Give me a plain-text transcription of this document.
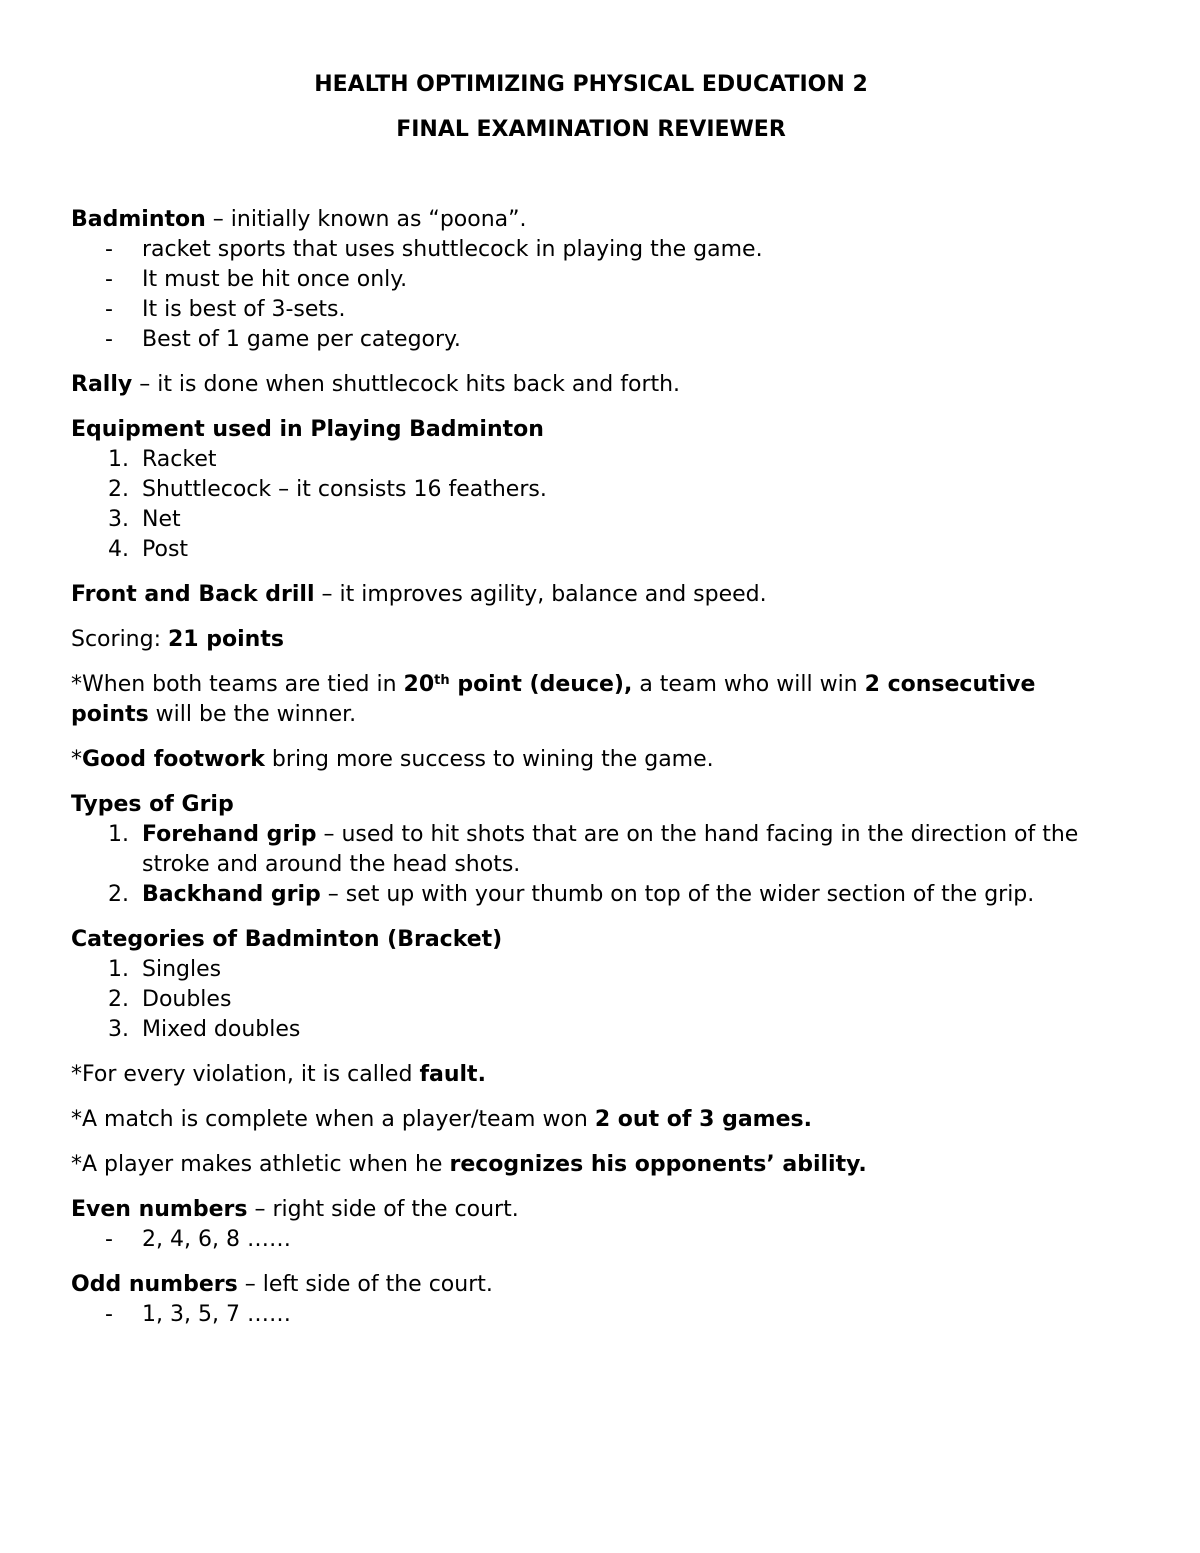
HEALTH OPTIMIZING PHYSICAL EDUCATION 2

FINAL EXAMINATION REVIEWER

Badminton – initially known as “poona”.

- racket sports that uses shuttlecock in playing the game.
- It must be hit once only.
- It is best of 3-sets.
- Best of 1 game per category.

Rally – it is done when shuttlecock hits back and forth.

Equipment used in Playing Badminton

1. Racket
2. Shuttlecock – it consists 16 feathers.
3. Net
4. Post

Front and Back drill – it improves agility, balance and speed.

Scoring: 21 points

*When both teams are tied in 20th point (deuce), a team who will win 2 consecutive points will be the winner.

*Good footwork bring more success to wining the game.

Types of Grip

1. Forehand grip – used to hit shots that are on the hand facing in the direction of the stroke and around the head shots.
2. Backhand grip – set up with your thumb on top of the wider section of the grip.

Categories of Badminton (Bracket)

1. Singles
2. Doubles
3. Mixed doubles

*For every violation, it is called fault.

*A match is complete when a player/team won 2 out of 3 games.

*A player makes athletic when he recognizes his opponents’ ability.

Even numbers – right side of the court.

- 2, 4, 6, 8 ……

Odd numbers – left side of the court.

- 1, 3, 5, 7 ……
